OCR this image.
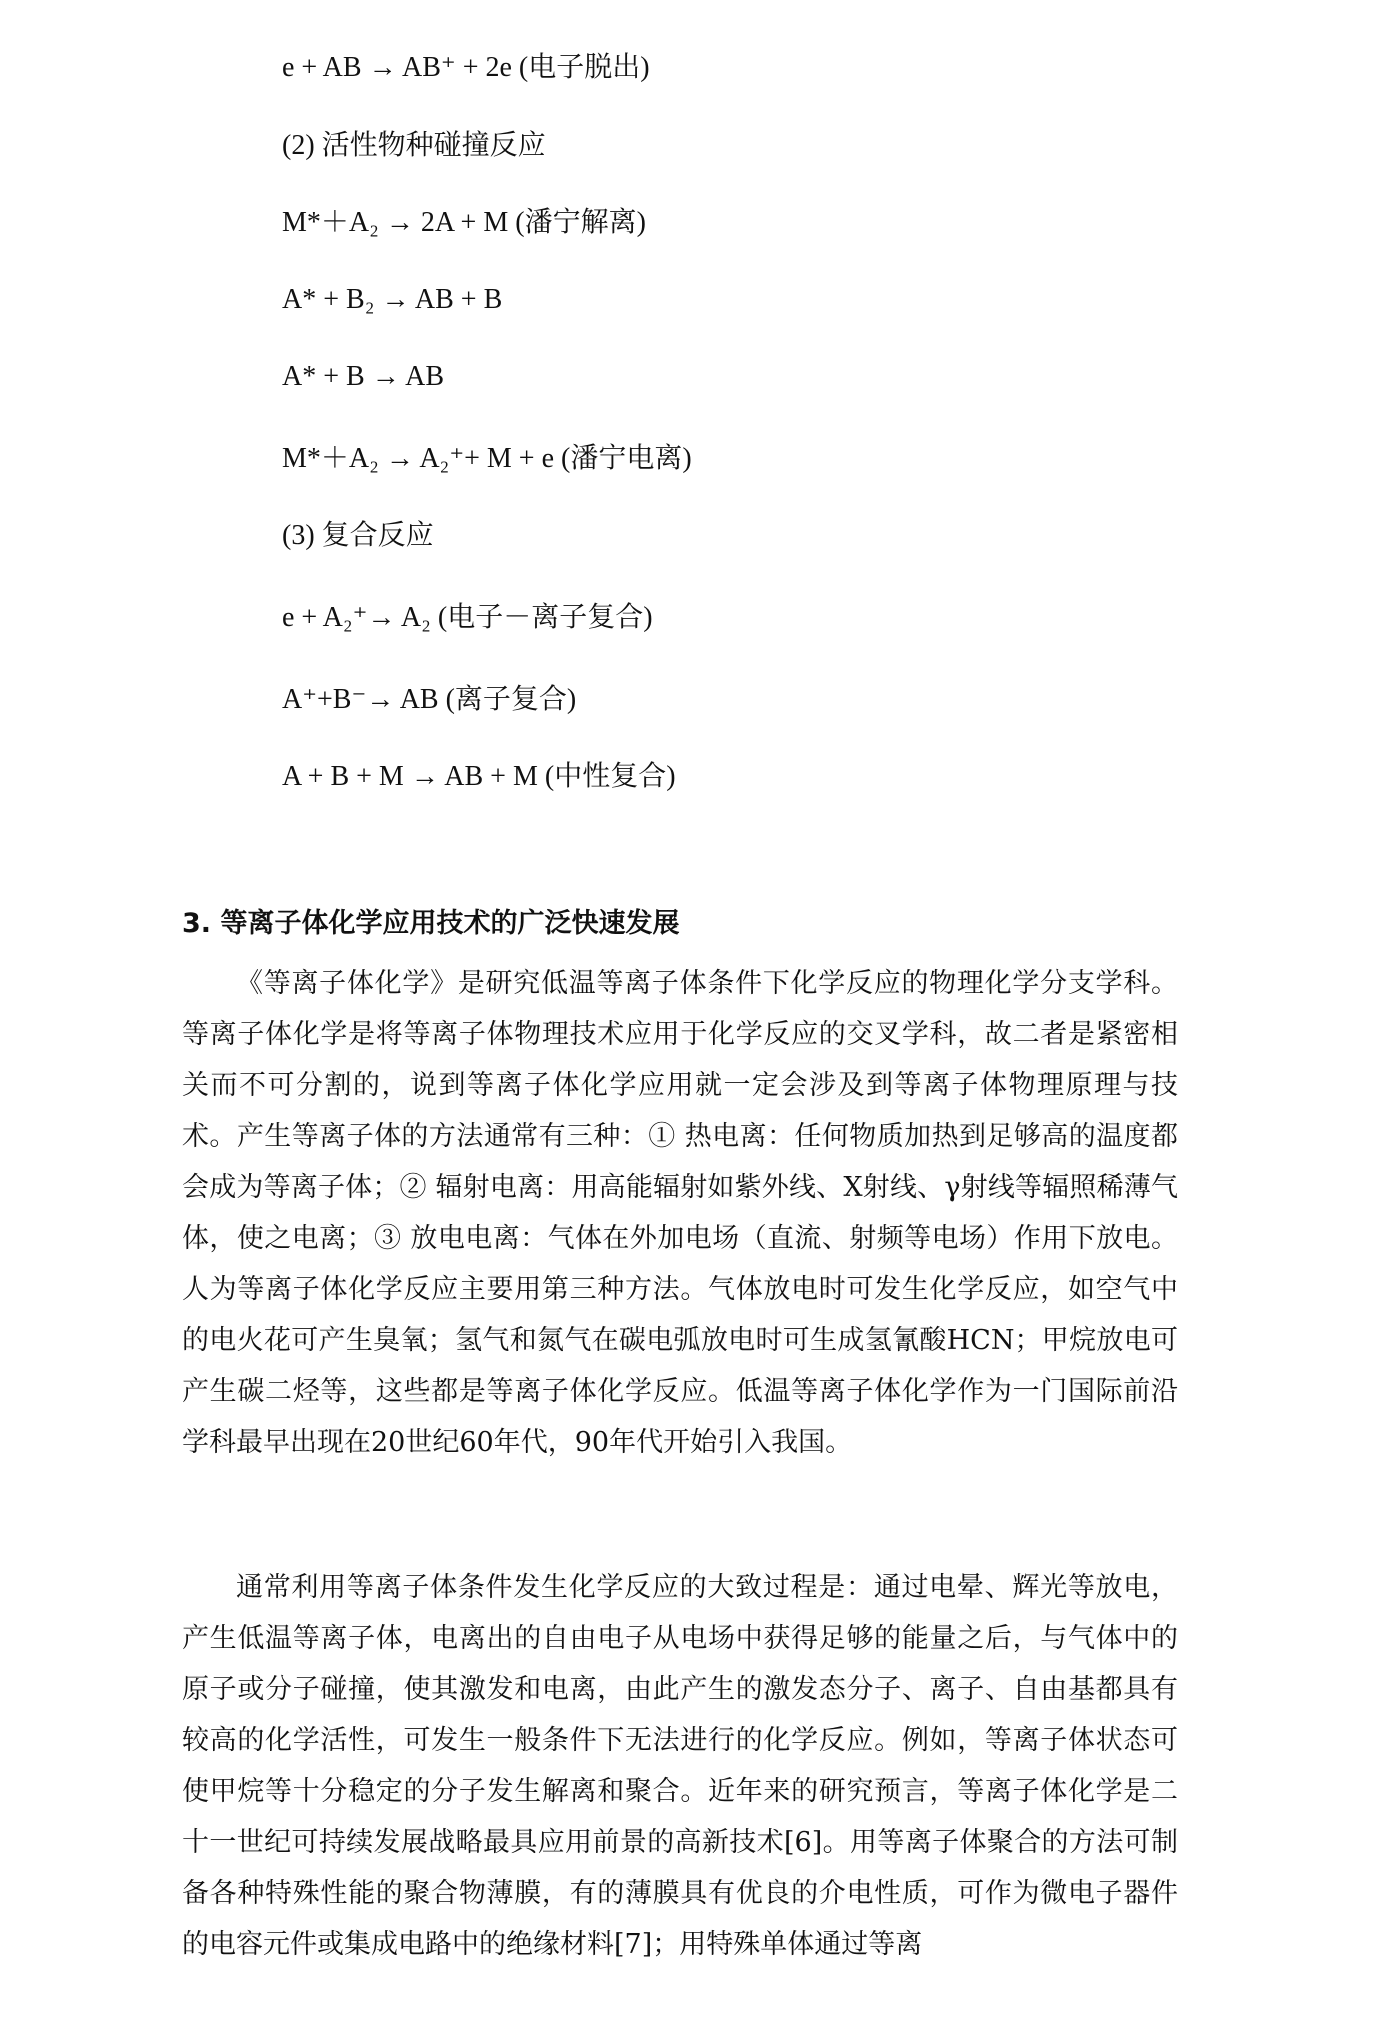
e + AB → AB⁺ + 2e (电子脱出)
(2) 活性物种碰撞反应
M*＋A₂ → 2A + M (潘宁解离)
A* + B₂ → AB + B
A* + B → AB
M*＋A₂ → A₂⁺+ M + e (潘宁电离)
(3) 复合反应
e + A₂⁺→ A₂ (电子－离子复合)
A⁺+B⁻→ AB (离子复合)
A + B + M → AB + M (中性复合)
3. 等离子体化学应用技术的广泛快速发展

《等离子体化学》是研究低温等离子体条件下化学反应的物理化学分支学科。等离子体化学是将等离子体物理技术应用于化学反应的交叉学科，故二者是紧密相关而不可分割的，说到等离子体化学应用就一定会涉及到等离子体物理原理与技术。产生等离子体的方法通常有三种：① 热电离：任何物质加热到足够高的温度都会成为等离子体；② 辐射电离：用高能辐射如紫外线、X射线、γ射线等辐照稀薄气体，使之电离；③ 放电电离：气体在外加电场（直流、射频等电场）作用下放电。人为等离子体化学反应主要用第三种方法。气体放电时可发生化学反应，如空气中的电火花可产生臭氧；氢气和氮气在碳电弧放电时可生成氢氰酸HCN；甲烷放电可产生碳二烃等，这些都是等离子体化学反应。低温等离子体化学作为一门国际前沿学科最早出现在20世纪60年代，90年代开始引入我国。

通常利用等离子体条件发生化学反应的大致过程是：通过电晕、辉光等放电，产生低温等离子体，电离出的自由电子从电场中获得足够的能量之后，与气体中的原子或分子碰撞，使其激发和电离，由此产生的激发态分子、离子、自由基都具有较高的化学活性，可发生一般条件下无法进行的化学反应。例如，等离子体状态可使甲烷等十分稳定的分子发生解离和聚合。近年来的研究预言，等离子体化学是二十一世纪可持续发展战略最具应用前景的高新技术[6]。用等离子体聚合的方法可制备各种特殊性能的聚合物薄膜，有的薄膜具有优良的介电性质，可作为微电子器件的电容元件或集成电路中的绝缘材料[7]；用特殊单体通过等离
